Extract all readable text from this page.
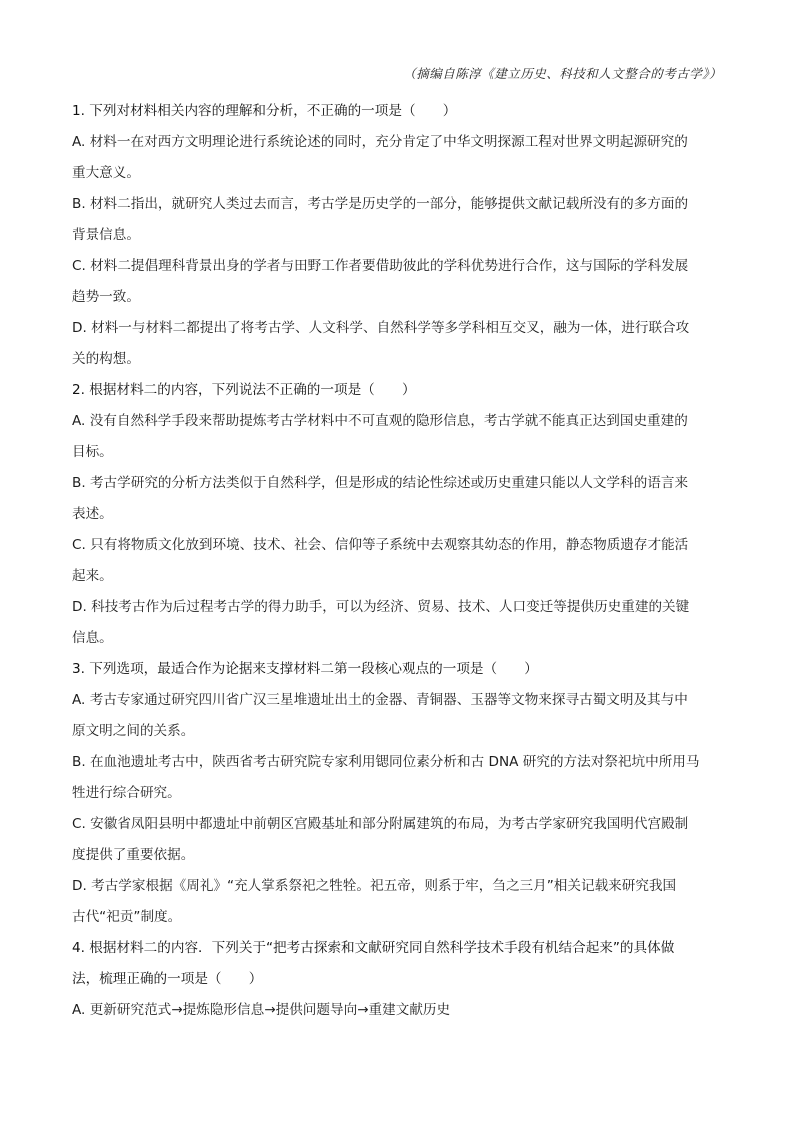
（摘编自陈淳《建立历史、科技和人文整合的考古学》）
1. 下列对材料相关内容的理解和分析，不正确的一项是（　　）
A. 材料一在对西方文明理论进行系统论述的同时，充分肯定了中华文明探源工程对世界文明起源研究的
重大意义。
B. 材料二指出，就研究人类过去而言，考古学是历史学的一部分，能够提供文献记载所没有的多方面的
背景信息。
C. 材料二提倡理科背景出身的学者与田野工作者要借助彼此的学科优势进行合作，这与国际的学科发展
趋势一致。
D. 材料一与材料二都提出了将考古学、人文科学、自然科学等多学科相互交叉，融为一体，进行联合攻
关的构想。
2. 根据材料二的内容，下列说法不正确的一项是（　　）
A. 没有自然科学手段来帮助提炼考古学材料中不可直观的隐形信息，考古学就不能真正达到国史重建的
目标。
B. 考古学研究的分析方法类似于自然科学，但是形成的结论性综述或历史重建只能以人文学科的语言来
表述。
C. 只有将物质文化放到环境、技术、社会、信仰等子系统中去观察其幼态的作用，静态物质遗存才能活
起来。
D. 科技考古作为后过程考古学的得力助手，可以为经济、贸易、技术、人口变迁等提供历史重建的关键
信息。
3. 下列选项，最适合作为论据来支撑材料二第一段核心观点的一项是（　　）
A. 考古专家通过研究四川省广汉三星堆遗址出土的金器、青铜器、玉器等文物来探寻古蜀文明及其与中
原文明之间的关系。
B. 在血池遗址考古中，陕西省考古研究院专家利用锶同位素分析和古 DNA 研究的方法对祭祀坑中所用马
牲进行综合研究。
C. 安徽省凤阳县明中都遗址中前朝区宫殿基址和部分附属建筑的布局，为考古学家研究我国明代宫殿制
度提供了重要依据。
D. 考古学家根据《周礼》“充人掌系祭祀之牲牷。祀五帝，则系于牢，刍之三月”相关记载来研究我国
古代“祀贡”制度。
4. 根据材料二的内容．下列关于“把考古探索和文献研究同自然科学技术手段有机结合起来”的具体做
法，梳理正确的一项是（　　）
A. 更新研究范式→提炼隐形信息→提供问题导向→重建文献历史
